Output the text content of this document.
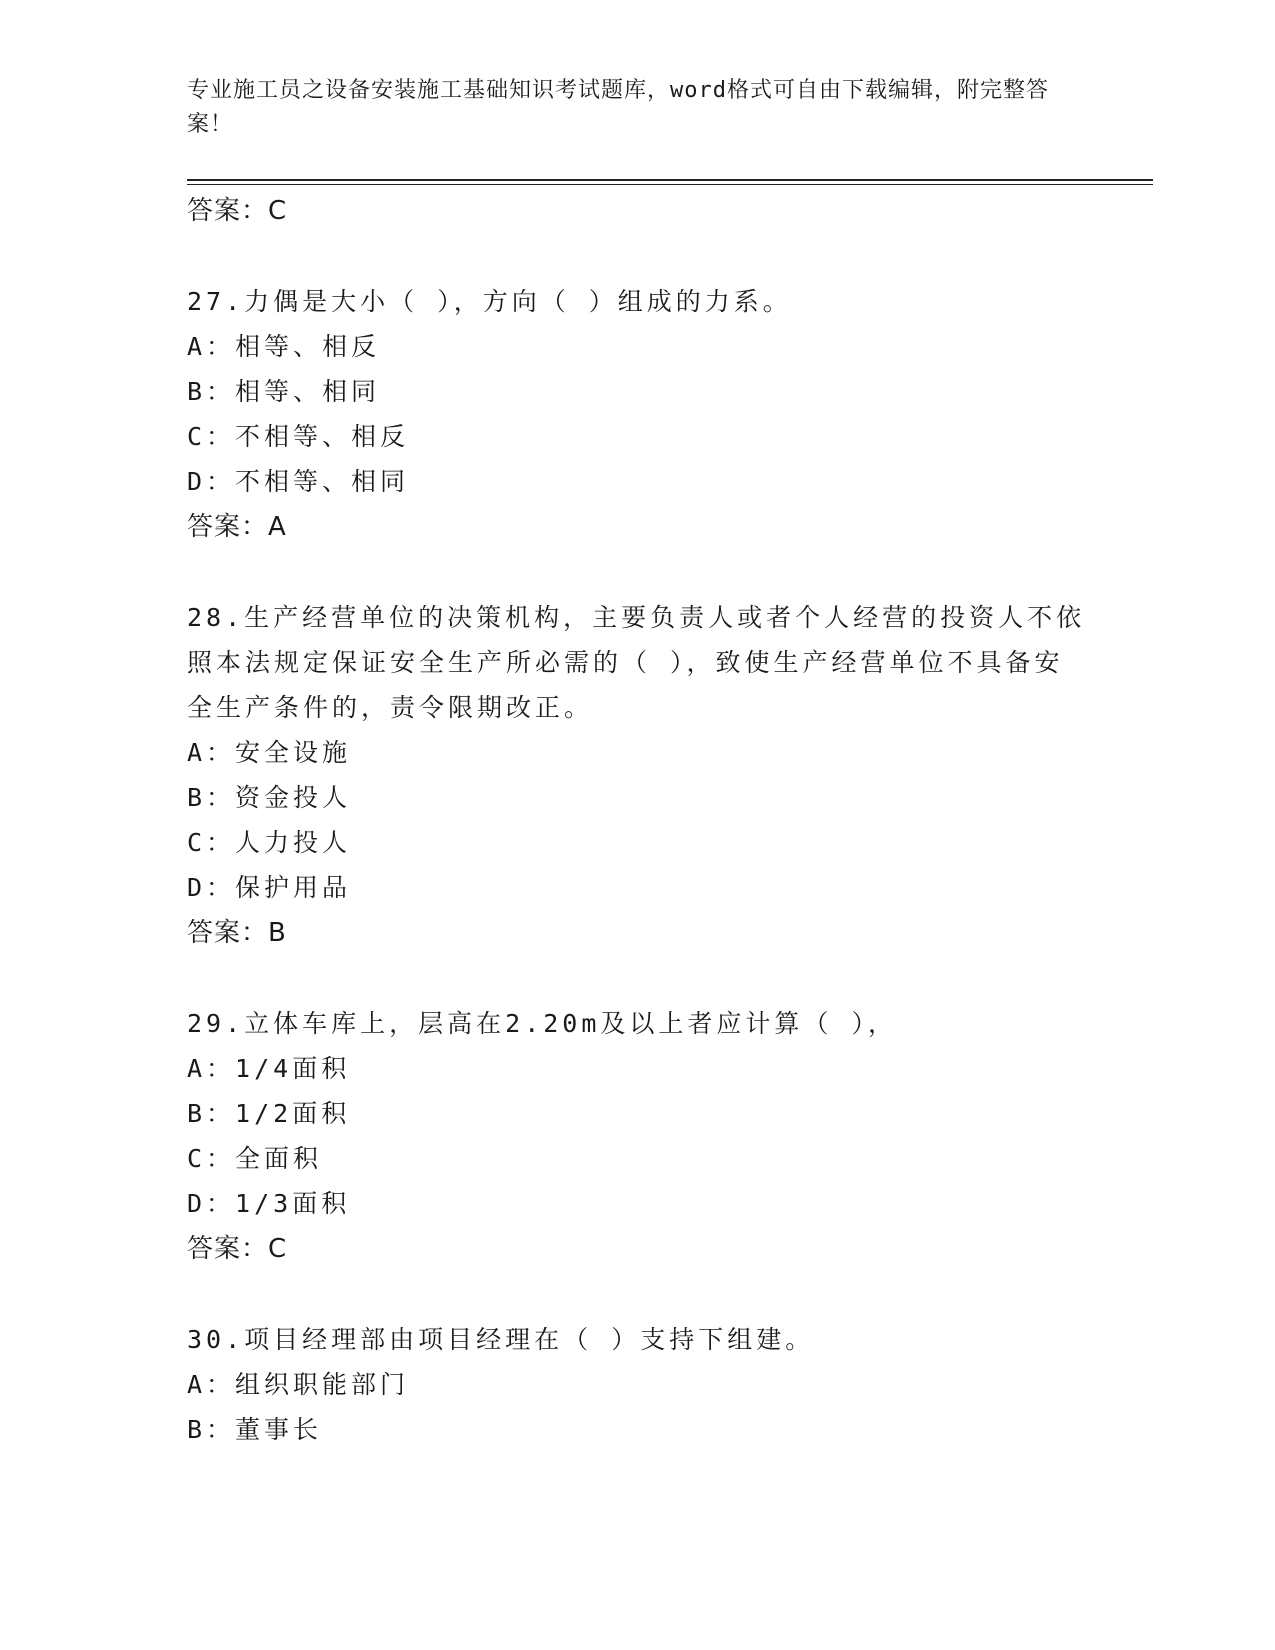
专业施工员之设备安装施工基础知识考试题库，word格式可自由下载编辑，附完整答案！
答案：C
27.力偶是大小（ ），方向（ ）组成的力系。
A：相等、相反
B：相等、相同
C：不相等、相反
D：不相等、相同
答案：A
28.生产经营单位的决策机构，主要负责人或者个人经营的投资人不依照本法规定保证安全生产所必需的（ ），致使生产经营单位不具备安全生产条件的，责令限期改正。
A：安全设施
B：资金投人
C：人力投人
D：保护用品
答案：B
29.立体车库上，层高在2.20m及以上者应计算（ ），
A：1/4面积
B：1/2面积
C：全面积
D：1/3面积
答案：C
30.项目经理部由项目经理在（ ）支持下组建。
A：组织职能部门
B：董事长
